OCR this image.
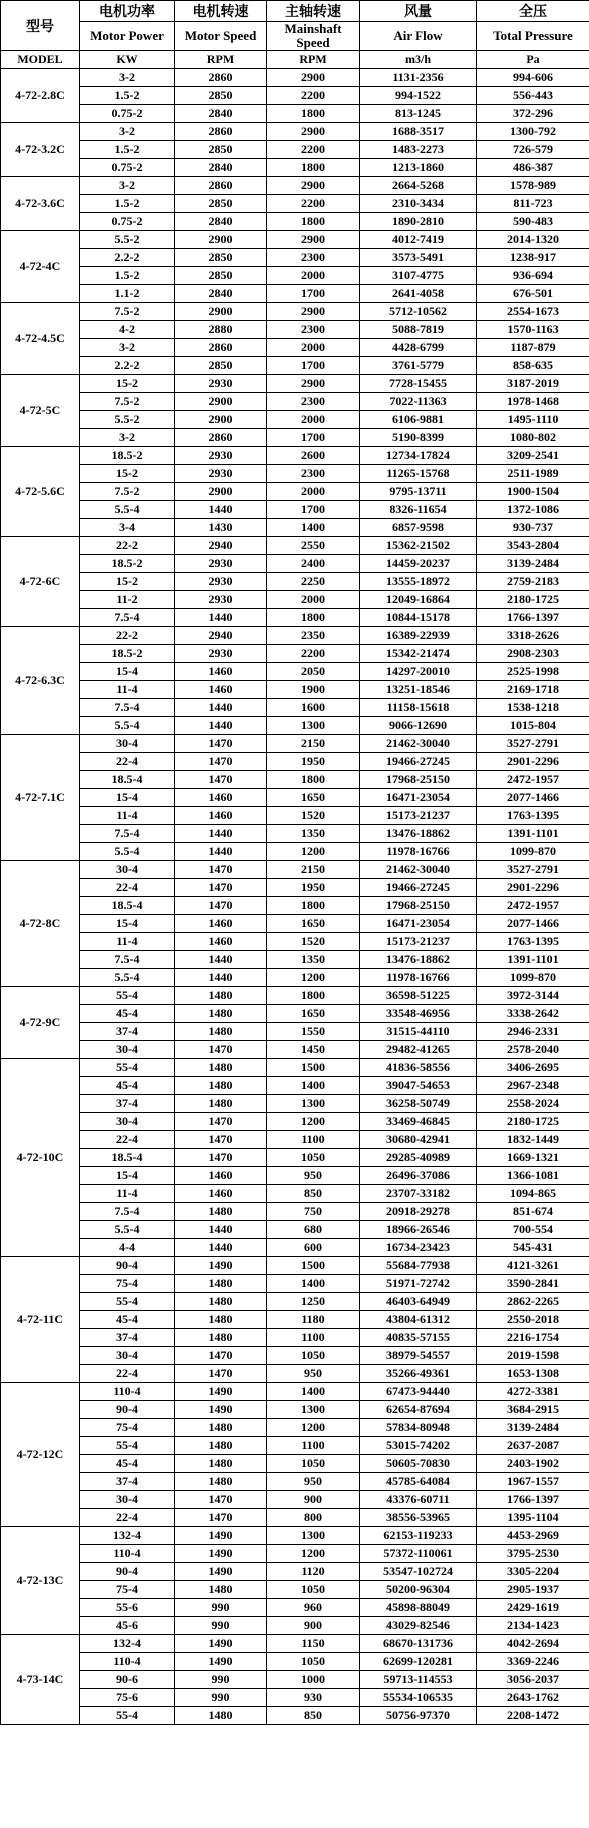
型号	电机功率	电机转速	主轴转速	风量	全压
	Motor Power	Motor Speed	Mainshaft Speed	Air Flow	Total Pressure
MODEL	KW	RPM	RPM	m3/h	Pa
4-72-2.8C	3-2	2860	2900	1131-2356	994-606
	1.5-2	2850	2200	994-1522	556-443
	0.75-2	2840	1800	813-1245	372-296
4-72-3.2C	3-2	2860	2900	1688-3517	1300-792
	1.5-2	2850	2200	1483-2273	726-579
	0.75-2	2840	1800	1213-1860	486-387
4-72-3.6C	3-2	2860	2900	2664-5268	1578-989
	1.5-2	2850	2200	2310-3434	811-723
	0.75-2	2840	1800	1890-2810	590-483
4-72-4C	5.5-2	2900	2900	4012-7419	2014-1320
	2.2-2	2850	2300	3573-5491	1238-917
	1.5-2	2850	2000	3107-4775	936-694
	1.1-2	2840	1700	2641-4058	676-501
4-72-4.5C	7.5-2	2900	2900	5712-10562	2554-1673
	4-2	2880	2300	5088-7819	1570-1163
	3-2	2860	2000	4428-6799	1187-879
	2.2-2	2850	1700	3761-5779	858-635
4-72-5C	15-2	2930	2900	7728-15455	3187-2019
	7.5-2	2900	2300	7022-11363	1978-1468
	5.5-2	2900	2000	6106-9881	1495-1110
	3-2	2860	1700	5190-8399	1080-802
4-72-5.6C	18.5-2	2930	2600	12734-17824	3209-2541
	15-2	2930	2300	11265-15768	2511-1989
	7.5-2	2900	2000	9795-13711	1900-1504
	5.5-4	1440	1700	8326-11654	1372-1086
	3-4	1430	1400	6857-9598	930-737
4-72-6C	22-2	2940	2550	15362-21502	3543-2804
	18.5-2	2930	2400	14459-20237	3139-2484
	15-2	2930	2250	13555-18972	2759-2183
	11-2	2930	2000	12049-16864	2180-1725
	7.5-4	1440	1800	10844-15178	1766-1397
4-72-6.3C	22-2	2940	2350	16389-22939	3318-2626
	18.5-2	2930	2200	15342-21474	2908-2303
	15-4	1460	2050	14297-20010	2525-1998
	11-4	1460	1900	13251-18546	2169-1718
	7.5-4	1440	1600	11158-15618	1538-1218
	5.5-4	1440	1300	9066-12690	1015-804
4-72-7.1C	30-4	1470	2150	21462-30040	3527-2791
	22-4	1470	1950	19466-27245	2901-2296
	18.5-4	1470	1800	17968-25150	2472-1957
	15-4	1460	1650	16471-23054	2077-1466
	11-4	1460	1520	15173-21237	1763-1395
	7.5-4	1440	1350	13476-18862	1391-1101
	5.5-4	1440	1200	11978-16766	1099-870
4-72-8C	30-4	1470	2150	21462-30040	3527-2791
	22-4	1470	1950	19466-27245	2901-2296
	18.5-4	1470	1800	17968-25150	2472-1957
	15-4	1460	1650	16471-23054	2077-1466
	11-4	1460	1520	15173-21237	1763-1395
	7.5-4	1440	1350	13476-18862	1391-1101
	5.5-4	1440	1200	11978-16766	1099-870
4-72-9C	55-4	1480	1800	36598-51225	3972-3144
	45-4	1480	1650	33548-46956	3338-2642
	37-4	1480	1550	31515-44110	2946-2331
	30-4	1470	1450	29482-41265	2578-2040
4-72-10C	55-4	1480	1500	41836-58556	3406-2695
	45-4	1480	1400	39047-54653	2967-2348
	37-4	1480	1300	36258-50749	2558-2024
	30-4	1470	1200	33469-46845	2180-1725
	22-4	1470	1100	30680-42941	1832-1449
	18.5-4	1470	1050	29285-40989	1669-1321
	15-4	1460	950	26496-37086	1366-1081
	11-4	1460	850	23707-33182	1094-865
	7.5-4	1480	750	20918-29278	851-674
	5.5-4	1440	680	18966-26546	700-554
	4-4	1440	600	16734-23423	545-431
4-72-11C	90-4	1490	1500	55684-77938	4121-3261
	75-4	1480	1400	51971-72742	3590-2841
	55-4	1480	1250	46403-64949	2862-2265
	45-4	1480	1180	43804-61312	2550-2018
	37-4	1480	1100	40835-57155	2216-1754
	30-4	1470	1050	38979-54557	2019-1598
	22-4	1470	950	35266-49361	1653-1308
4-72-12C	110-4	1490	1400	67473-94440	4272-3381
	90-4	1490	1300	62654-87694	3684-2915
	75-4	1480	1200	57834-80948	3139-2484
	55-4	1480	1100	53015-74202	2637-2087
	45-4	1480	1050	50605-70830	2403-1902
	37-4	1480	950	45785-64084	1967-1557
	30-4	1470	900	43376-60711	1766-1397
	22-4	1470	800	38556-53965	1395-1104
4-72-13C	132-4	1490	1300	62153-119233	4453-2969
	110-4	1490	1200	57372-110061	3795-2530
	90-4	1490	1120	53547-102724	3305-2204
	75-4	1480	1050	50200-96304	2905-1937
	55-6	990	960	45898-88049	2429-1619
	45-6	990	900	43029-82546	2134-1423
4-73-14C	132-4	1490	1150	68670-131736	4042-2694
	110-4	1490	1050	62699-120281	3369-2246
	90-6	990	1000	59713-114553	3056-2037
	75-6	990	930	55534-106535	2643-1762
	55-4	1480	850	50756-97370	2208-1472
